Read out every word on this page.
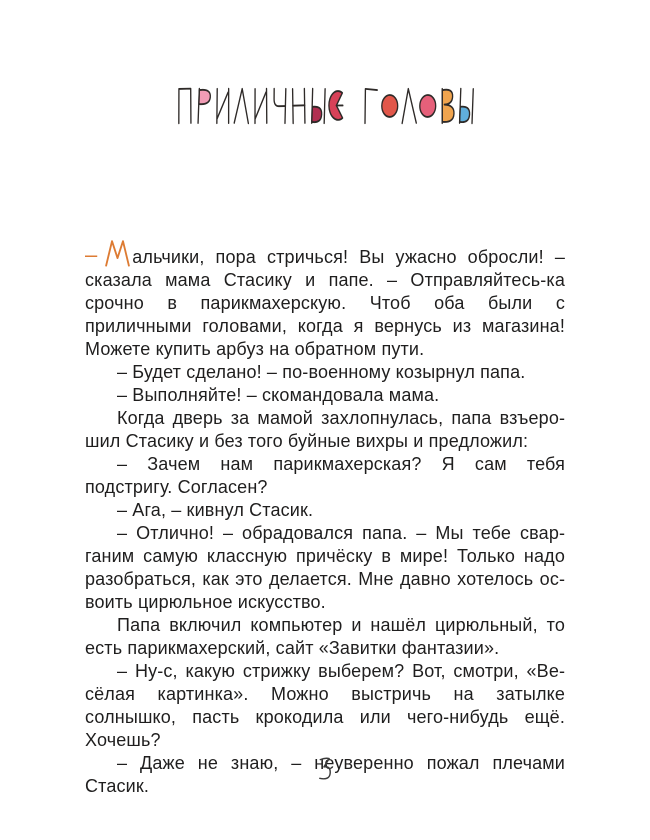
– альчики, пора стричься! Вы ужасно обросли! – сказала мама Стасику и папе. – Отправляйтесь-ка срочно в парикмахерскую. Чтоб оба были с приличными головами, когда я вернусь из магазина! Можете купить арбуз на обратном пути.

– Будет сделано! – по-военному козырнул папа.

– Выполняйте! – скомандовала мама.

Когда дверь за мамой захлопнулась, папа взъерошил Стасику и без того буйные вихры и предложил:

– Зачем нам парикмахерская? Я сам тебя подстригу. Согласен?

– Ага, – кивнул Стасик.

– Отлично! – обрадовался папа. – Мы тебе сварганим самую классную причёску в мире! Только надо разобраться, как это делается. Мне давно хотелось освоить цирюльное искусство.

Папа включил компьютер и нашёл цирюльный, то есть парикмахерский, сайт «Завитки фантазии».

– Ну-с, какую стрижку выберем? Вот, смотри, «Весёлая картинка». Можно выстричь на затылке солнышко, пасть крокодила или чего-нибудь ещё. Хочешь?

– Даже не знаю, – неуверенно пожал плечами Стасик.
